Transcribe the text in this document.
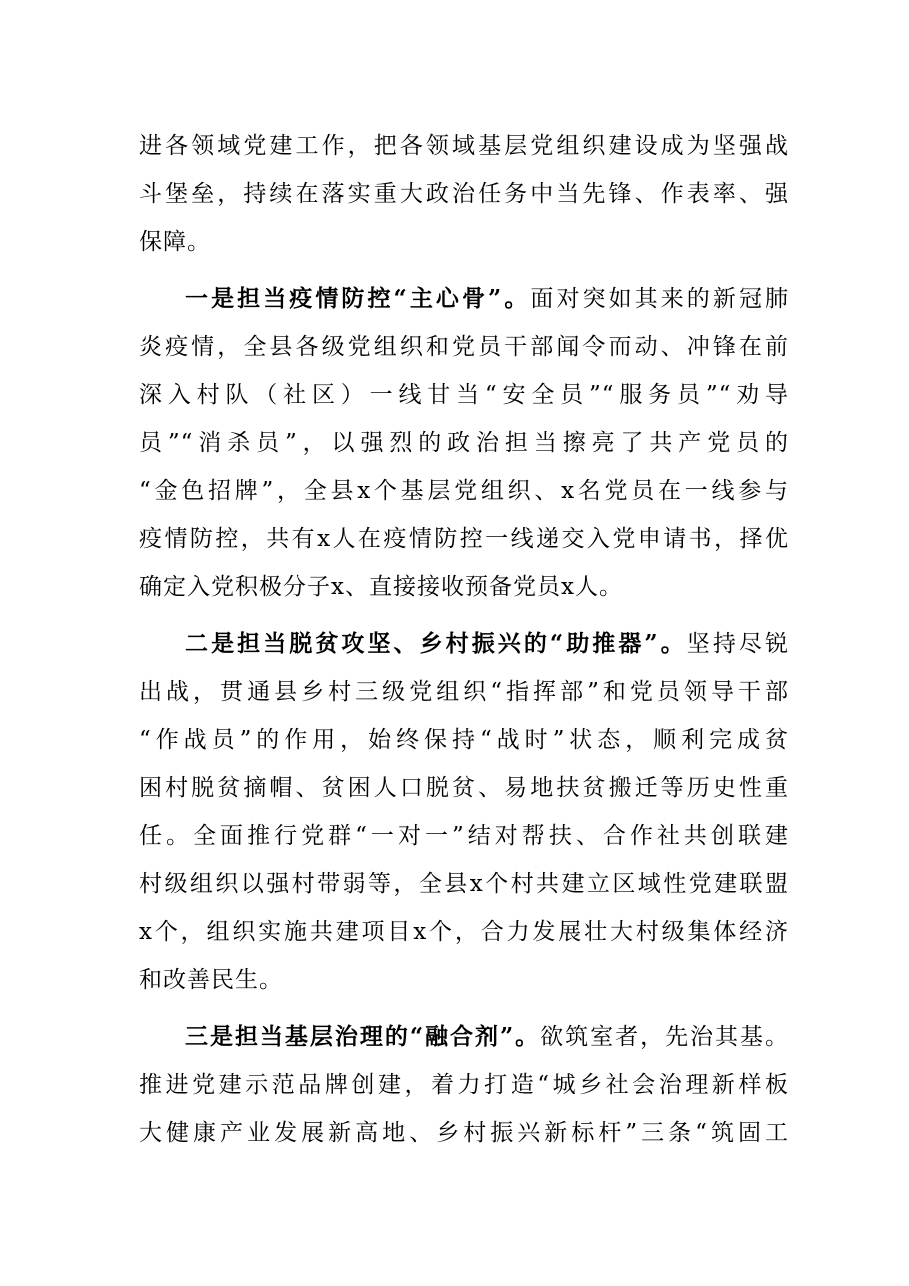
进各领域党建工作，把各领域基层党组织建设成为坚强战
斗堡垒，持续在落实重大政治任务中当先锋、作表率、强
保障。
一是担当疫情防控“主心骨”。面对突如其来的新冠肺
炎疫情，全县各级党组织和党员干部闻令而动、冲锋在前
深入村队（社区）一线甘当“安全员”“服务员”“劝导
员”“消杀员”，以强烈的政治担当擦亮了共产党员的
“金色招牌”，全县x个基层党组织、x名党员在一线参与
疫情防控，共有x人在疫情防控一线递交入党申请书，择优
确定入党积极分子x、直接接收预备党员x人。
二是担当脱贫攻坚、乡村振兴的“助推器”。坚持尽锐
出战，贯通县乡村三级党组织“指挥部”和党员领导干部
“作战员”的作用，始终保持“战时”状态，顺利完成贫
困村脱贫摘帽、贫困人口脱贫、易地扶贫搬迁等历史性重
任。全面推行党群“一对一”结对帮扶、合作社共创联建
村级组织以强村带弱等，全县x个村共建立区域性党建联盟
x个，组织实施共建项目x个，合力发展壮大村级集体经济
和改善民生。
三是担当基层治理的“融合剂”。欲筑室者，先治其基。
推进党建示范品牌创建，着力打造“城乡社会治理新样板
大健康产业发展新高地、乡村振兴新标杆”三条“筑固工
